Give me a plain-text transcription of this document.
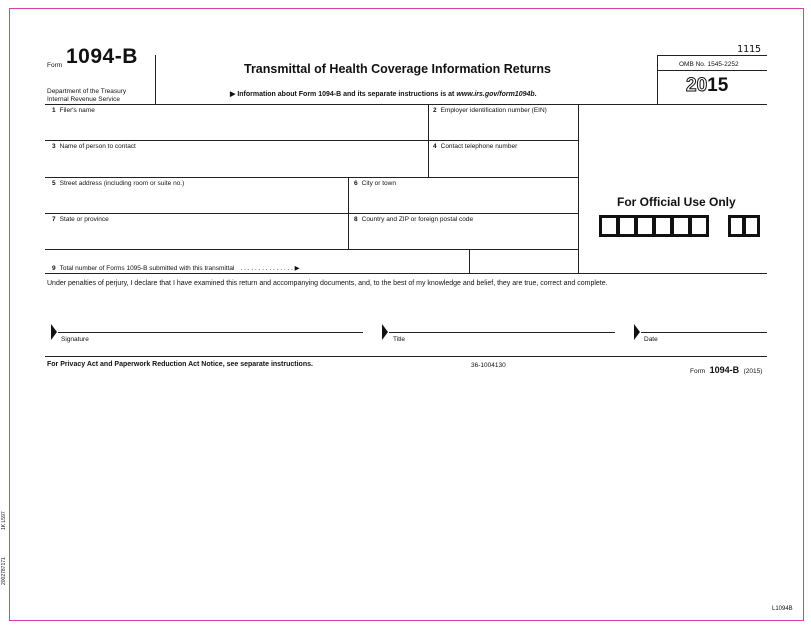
Form 1094-B
Department of the Treasury
Internal Revenue Service
Transmittal of Health Coverage Information Returns
▶ Information about Form 1094-B and its separate instructions is at www.irs.gov/form1094b.
1115
OMB No. 1545-2252
2015
1 Filer's name	2 Employer identification number (EIN)
3 Name of person to contact	4 Contact telephone number
5 Street address (including room or suite no.)	6 City or town
7 State or province	8 Country and ZIP or foreign postal code
9 Total number of Forms 1095-B submitted with this transmittal . . . . . . . . . . . . . . . ▶
For Official Use Only
Under penalties of perjury, I declare that I have examined this return and accompanying documents, and, to the best of my knowledge and belief, they are true, correct and complete.
Signature	Title	Date
For Privacy Act and Paperwork Reduction Act Notice, see separate instructions.	36-1004130
Form 1094-B (2015)
L1094B
1K L597
2002787171
